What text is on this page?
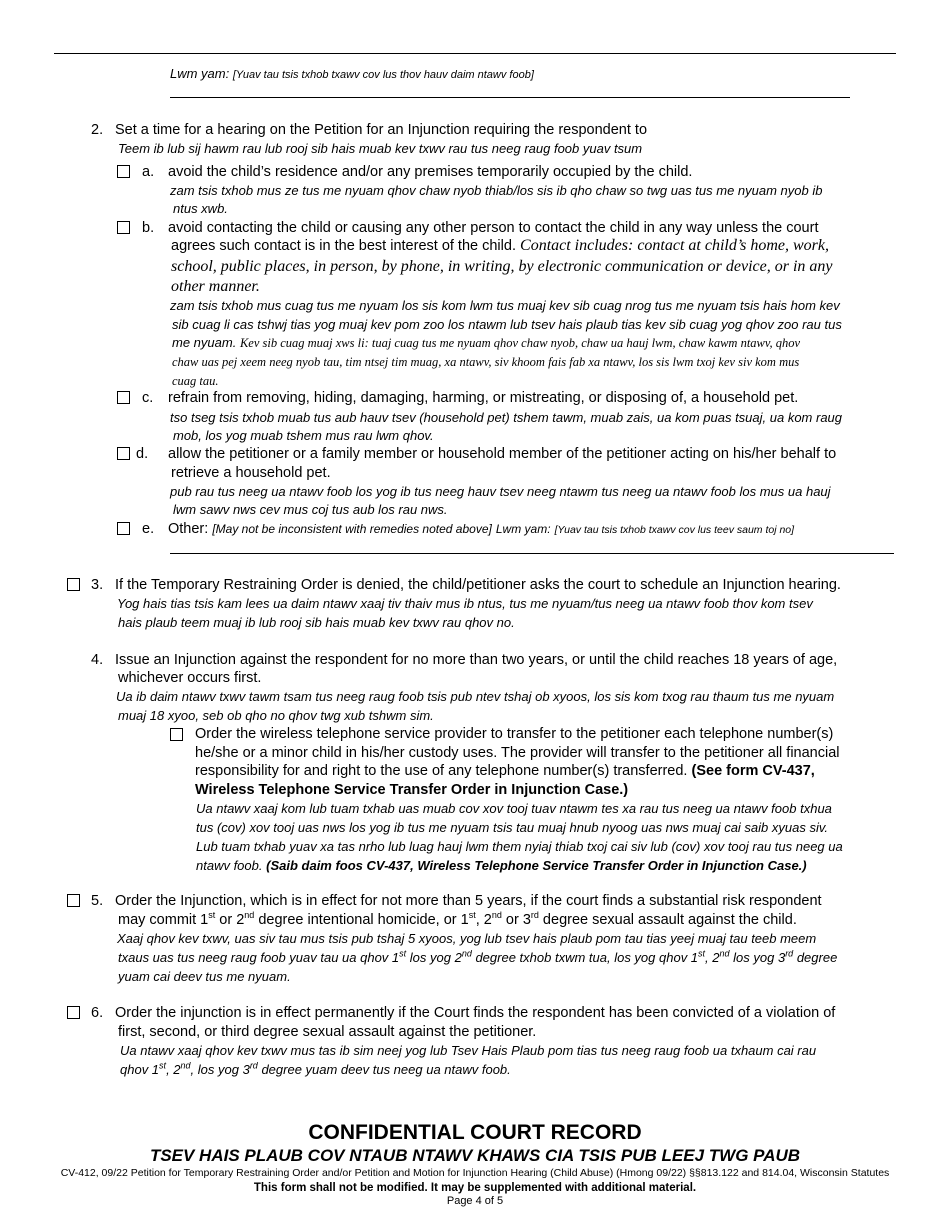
Lwm yam: [Yuav tau tsis txhob txawv cov lus thov hauv daim ntawv foob]
2. Set a time for a hearing on the Petition for an Injunction requiring the respondent to
Teem ib lub sij hawm rau lub rooj sib hais muab kev txwv rau tus neeg raug foob yuav tsum
a. avoid the child’s residence and/or any premises temporarily occupied by the child.
zam tsis txhob mus ze tus me nyuam qhov chaw nyob thiab/los sis ib qho chaw so twg uas tus me nyuam nyob ib
ntus xwb.
b. avoid contacting the child or causing any other person to contact the child in any way unless the court
agrees such contact is in the best interest of the child. Contact includes: contact at child’s home, work,
school, public places, in person, by phone, in writing, by electronic communication or device, or in any
other manner.
zam tsis txhob mus cuag tus me nyuam los sis kom lwm tus muaj kev sib cuag nrog tus me nyuam tsis hais hom kev
sib cuag li cas tshwj tias yog muaj kev pom zoo los ntawm lub tsev hais plaub tias kev sib cuag yog qhov zoo rau tus
me nyuam. Kev sib cuag muaj xws li: tuaj cuag tus me nyuam qhov chaw nyob, chaw ua hauj lwm, chaw kawm ntawv, qhov
chaw uas pej xeem neeg nyob tau, tim ntsej tim muag, xa ntawv, siv khoom fais fab xa ntawv, los sis lwm txoj kev siv kom mus
cuag tau.
c. refrain from removing, hiding, damaging, harming, or mistreating, or disposing of, a household pet.
tso tseg tsis txhob muab tus aub hauv tsev (household pet) tshem tawm, muab zais, ua kom puas tsuaj, ua kom raug
mob, los yog muab tshem mus rau lwm qhov.
d. allow the petitioner or a family member or household member of the petitioner acting on his/her behalf to
retrieve a household pet.
pub rau tus neeg ua ntawv foob los yog ib tus neeg hauv tsev neeg ntawm tus neeg ua ntawv foob los mus ua hauj
lwm sawv nws cev mus coj tus aub los rau nws.
e. Other: [May not be inconsistent with remedies noted above] Lwm yam: [Yuav tau tsis txhob txawv cov lus teev saum toj no]
3. If the Temporary Restraining Order is denied, the child/petitioner asks the court to schedule an Injunction hearing.
Yog hais tias tsis kam lees ua daim ntawv xaaj tiv thaiv mus ib ntus, tus me nyuam/tus neeg ua ntawv foob thov kom tsev
hais plaub teem muaj ib lub rooj sib hais muab kev txwv rau qhov no.
4. Issue an Injunction against the respondent for no more than two years, or until the child reaches 18 years of age,
whichever occurs first.
Ua ib daim ntawv txwv tawm tsam tus neeg raug foob tsis pub ntev tshaj ob xyoos, los sis kom txog rau thaum tus me nyuam
muaj 18 xyoo, seb ob qho no qhov twg xub tshwm sim.
Order the wireless telephone service provider to transfer to the petitioner each telephone number(s)
he/she or a minor child in his/her custody uses. The provider will transfer to the petitioner all financial
responsibility for and right to the use of any telephone number(s) transferred. (See form CV-437,
Wireless Telephone Service Transfer Order in Injunction Case.)
Ua ntawv xaaj kom lub tuam txhab uas muab cov xov tooj tuav ntawm tes xa rau tus neeg ua ntawv foob txhua
tus (cov) xov tooj uas nws los yog ib tus me nyuam tsis tau muaj hnub nyoog uas nws muaj cai saib xyuas siv.
Lub tuam txhab yuav xa tas nrho lub luag hauj lwm them nyiaj thiab txoj cai siv lub (cov) xov tooj rau tus neeg ua
ntawv foob. (Saib daim foos CV-437, Wireless Telephone Service Transfer Order in Injunction Case.)
5. Order the Injunction, which is in effect for not more than 5 years, if the court finds a substantial risk respondent
may commit 1st or 2nd degree intentional homicide, or 1st, 2nd or 3rd degree sexual assault against the child.
Xaaj qhov kev txwv, uas siv tau mus tsis pub tshaj 5 xyoos, yog lub tsev hais plaub pom tau tias yeej muaj tau teeb meem
txaus uas tus neeg raug foob yuav tau ua qhov 1st los yog 2nd degree txhob txwm tua, los yog qhov 1st, 2nd los yog 3rd degree
yuam cai deev tus me nyuam.
6. Order the injunction is in effect permanently if the Court finds the respondent has been convicted of a violation of
first, second, or third degree sexual assault against the petitioner.
Ua ntawv xaaj qhov kev txwv mus tas ib sim neej yog lub Tsev Hais Plaub pom tias tus neeg raug foob ua txhaum cai rau
qhov 1st, 2nd, los yog 3rd degree yuam deev tus neeg ua ntawv foob.
CONFIDENTIAL COURT RECORD
TSEV HAIS PLAUB COV NTAUB NTAWV KHAWS CIA TSIS PUB LEEJ TWG PAUB
CV-412, 09/22 Petition for Temporary Restraining Order and/or Petition and Motion for Injunction Hearing (Child Abuse) (Hmong 09/22) §§813.122 and 814.04, Wisconsin Statutes
This form shall not be modified. It may be supplemented with additional material.
Page 4 of 5
